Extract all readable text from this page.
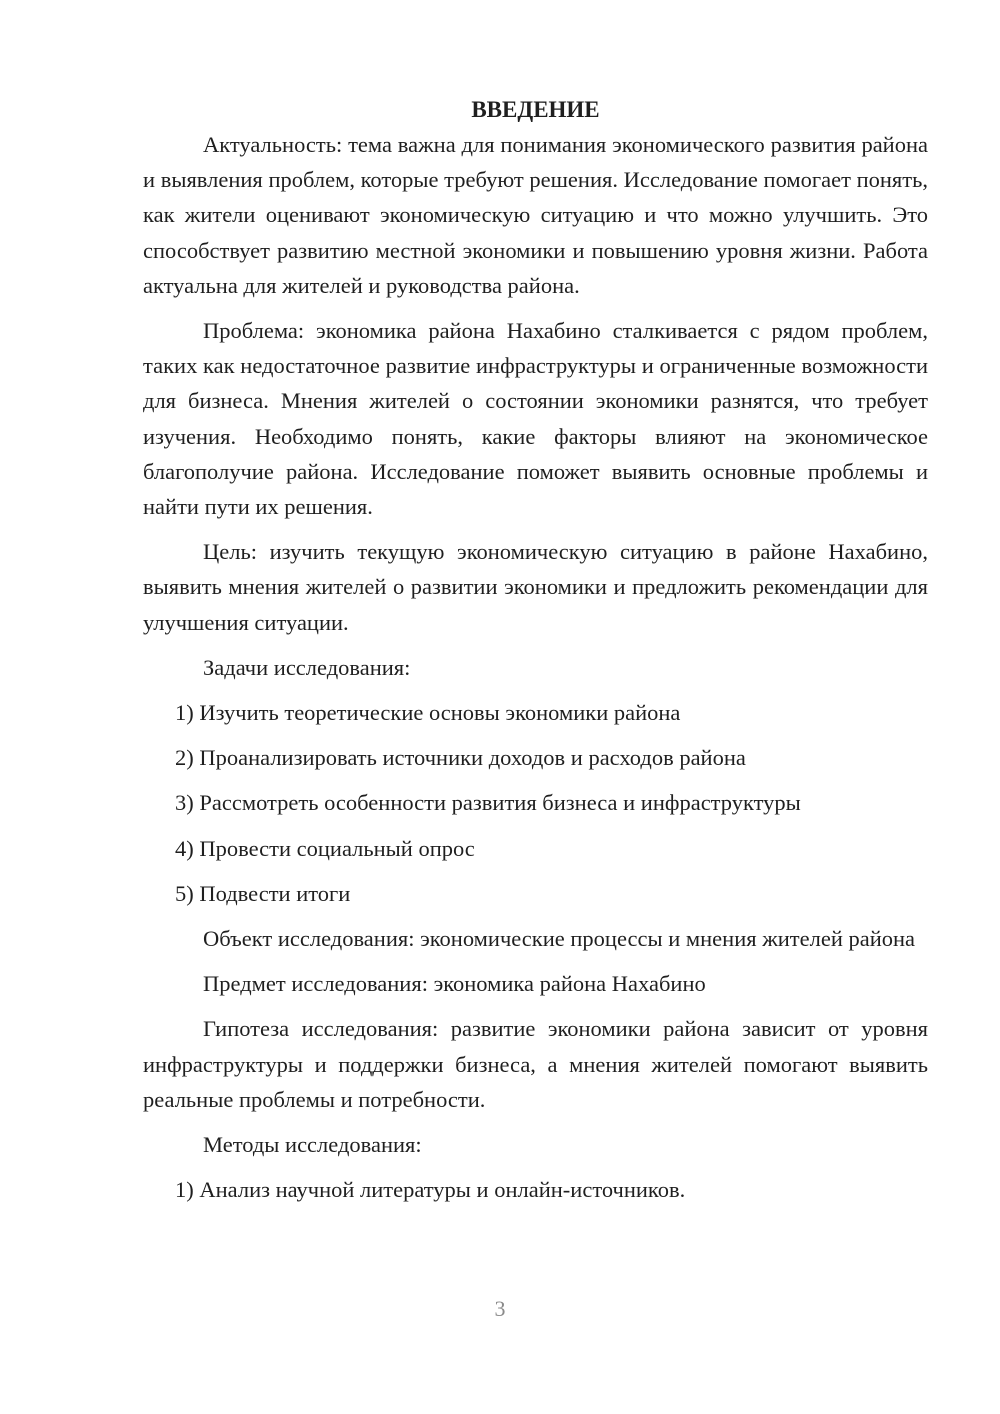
ВВЕДЕНИЕ

Актуальность: тема важна для понимания экономического развития района и выявления проблем, которые требуют решения. Исследование помогает понять, как жители оценивают экономическую ситуацию и что можно улучшить. Это способствует развитию местной экономики и повышению уровня жизни. Работа актуальна для жителей и руководства района.

Проблема: экономика района Нахабино сталкивается с рядом проблем, таких как недостаточное развитие инфраструктуры и ограниченные возможности для бизнеса. Мнения жителей о состоянии экономики разнятся, что требует изучения. Необходимо понять, какие факторы влияют на экономическое благополучие района. Исследование поможет выявить основные проблемы и найти пути их решения.

Цель: изучить текущую экономическую ситуацию в районе Нахабино, выявить мнения жителей о развитии экономики и предложить рекомендации для улучшения ситуации.

Задачи исследования:

1) Изучить теоретические основы экономики района

2) Проанализировать источники доходов и расходов района

3) Рассмотреть особенности развития бизнеса и инфраструктуры

4) Провести социальный опрос

5) Подвести итоги

Объект исследования: экономические процессы и мнения жителей района

Предмет исследования: экономика района Нахабино

Гипотеза исследования: развитие экономики района зависит от уровня инфраструктуры и поддержки бизнеса, а мнения жителей помогают выявить реальные проблемы и потребности.

Методы исследования:

1) Анализ научной литературы и онлайн-источников.

3
